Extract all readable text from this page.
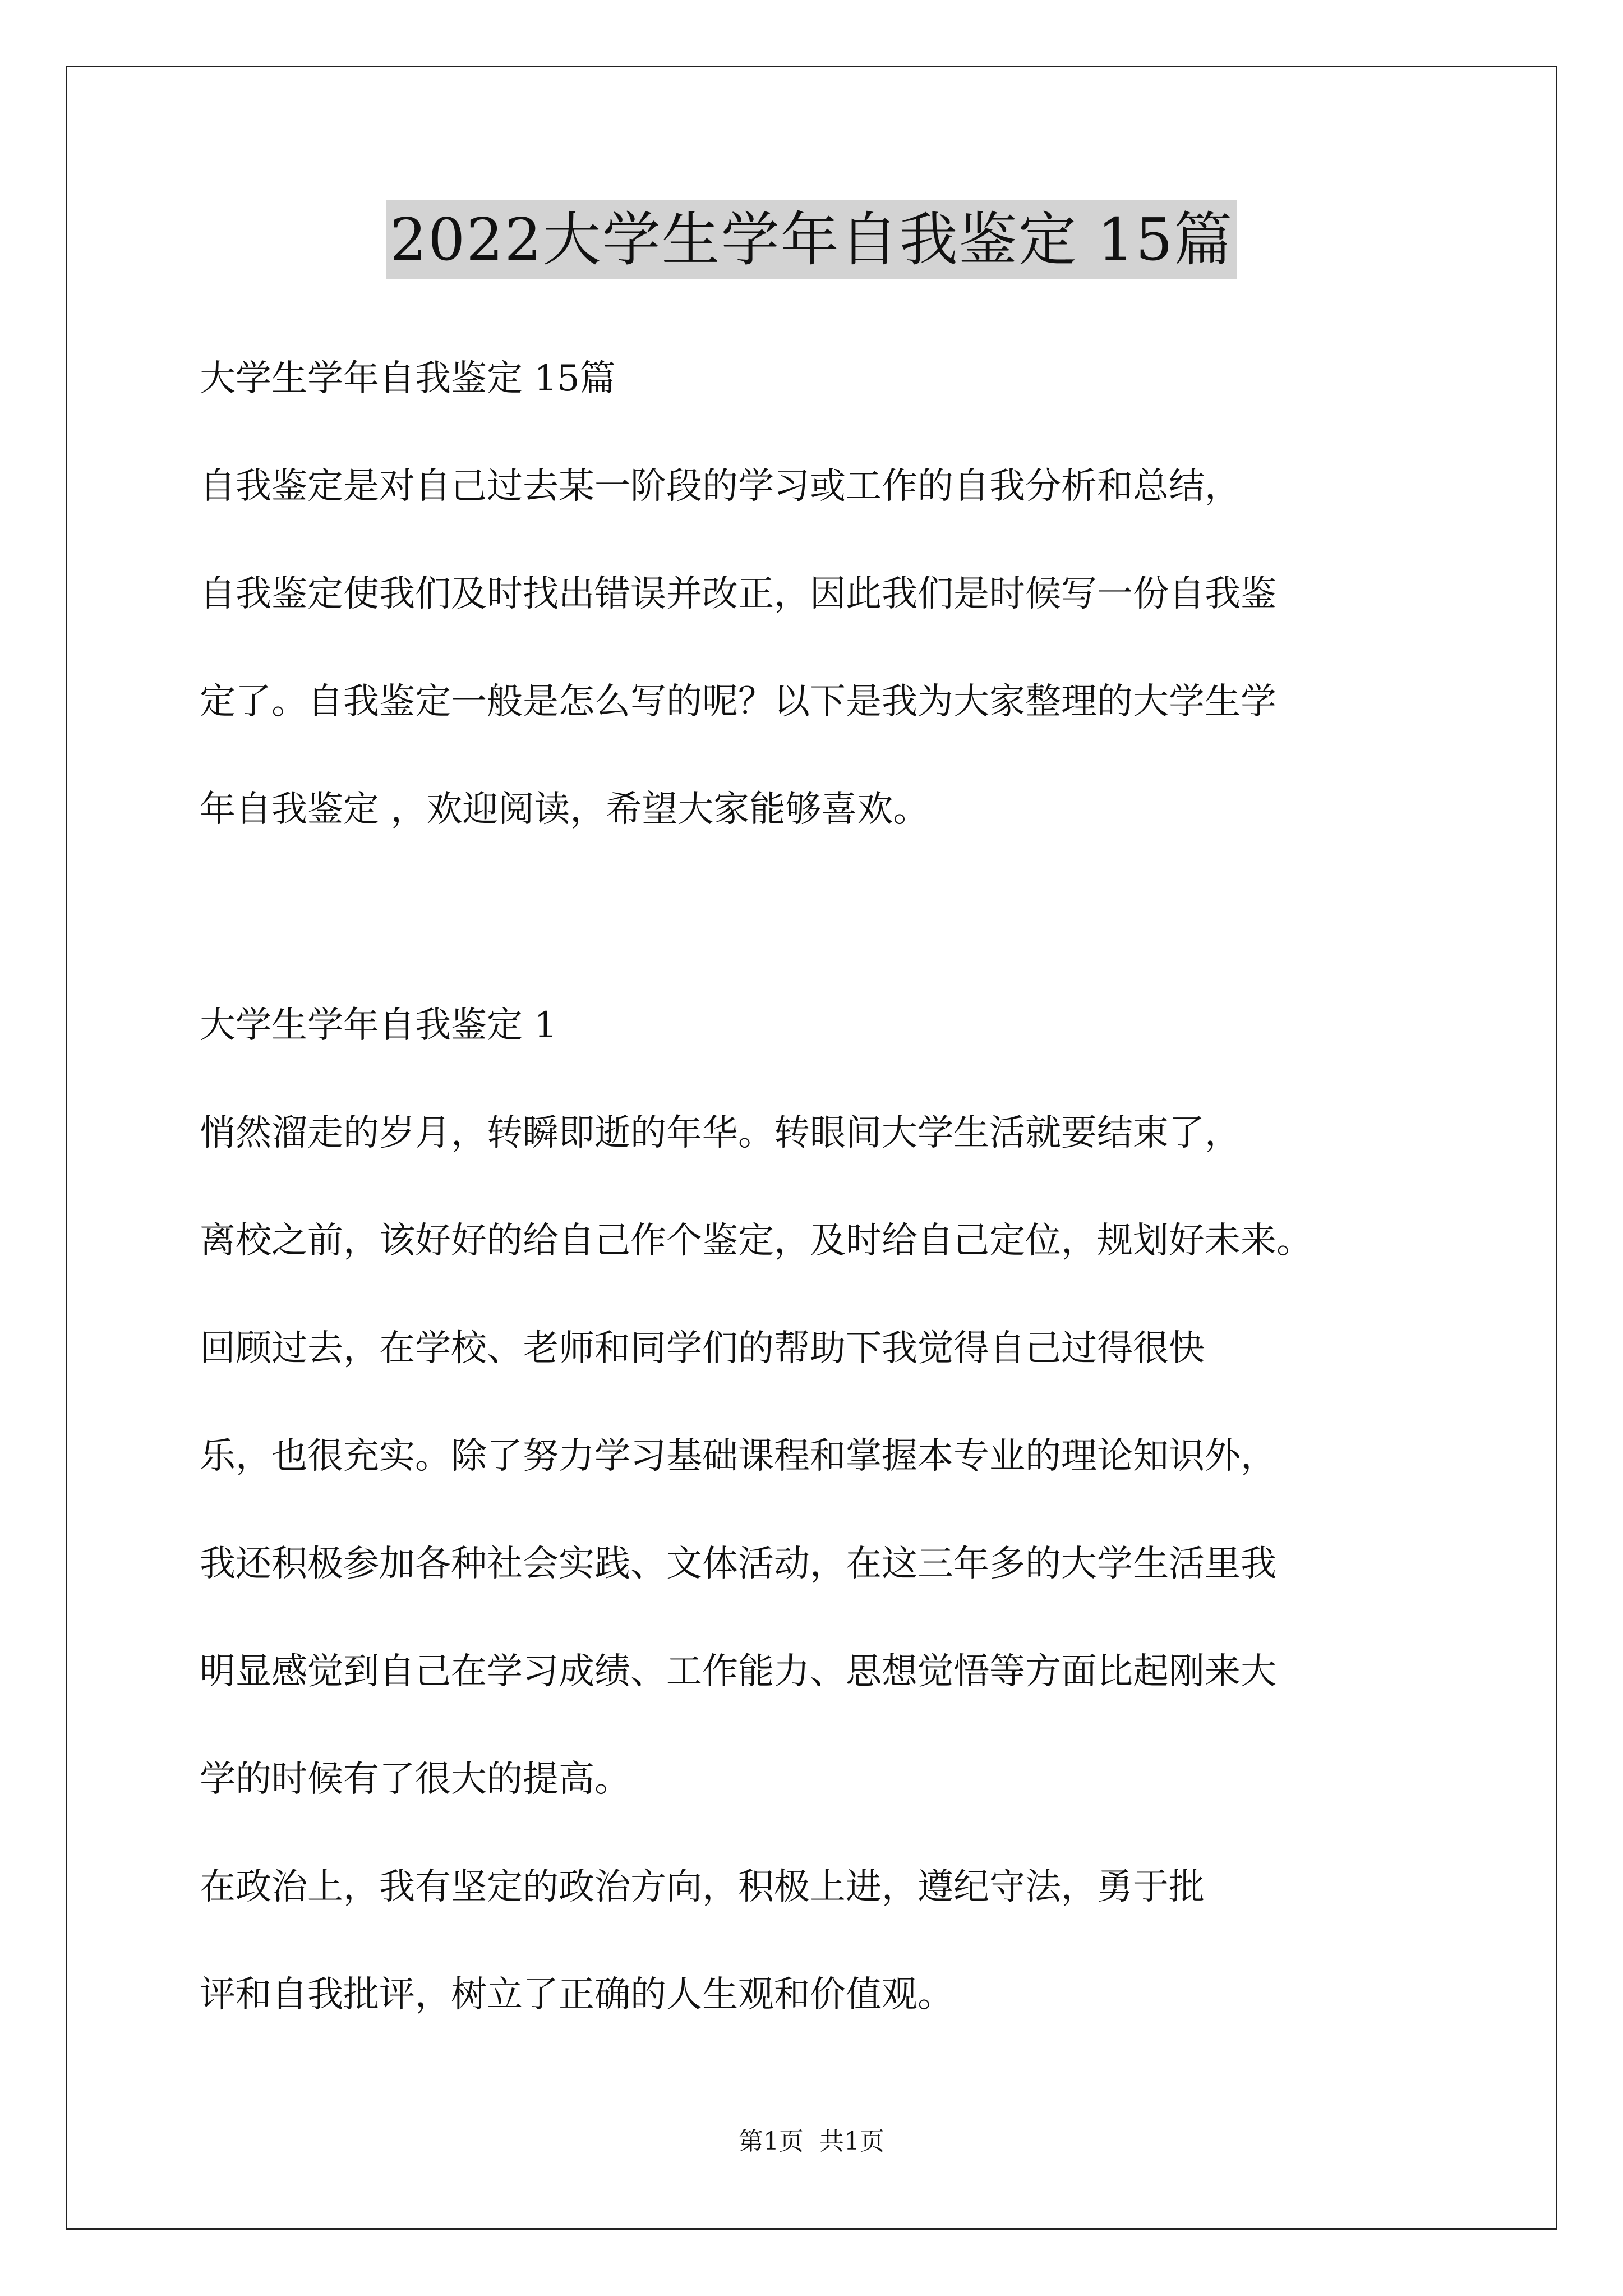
2022大学生学年自我鉴定 15篇
大学生学年自我鉴定 15篇
自我鉴定是对自己过去某一阶段的学习或工作的自我分析和总结，
自我鉴定使我们及时找出错误并改正，因此我们是时候写一份自我鉴
定了。自我鉴定一般是怎么写的呢？以下是我为大家整理的大学生学
年自我鉴定 ，欢迎阅读，希望大家能够喜欢。
大学生学年自我鉴定 1
悄然溜走的岁月，转瞬即逝的年华。转眼间大学生活就要结束了，
离校之前，该好好的给自己作个鉴定，及时给自己定位，规划好未来。
回顾过去，在学校、老师和同学们的帮助下我觉得自己过得很快
乐，也很充实。除了努力学习基础课程和掌握本专业的理论知识外，
我还积极参加各种社会实践、文体活动，在这三年多的大学生活里我
明显感觉到自己在学习成绩、工作能力、思想觉悟等方面比起刚来大
学的时候有了很大的提高。
在政治上，我有坚定的政治方向，积极上进，遵纪守法，勇于批
评和自我批评，树立了正确的人生观和价值观。
第1页 共1页
